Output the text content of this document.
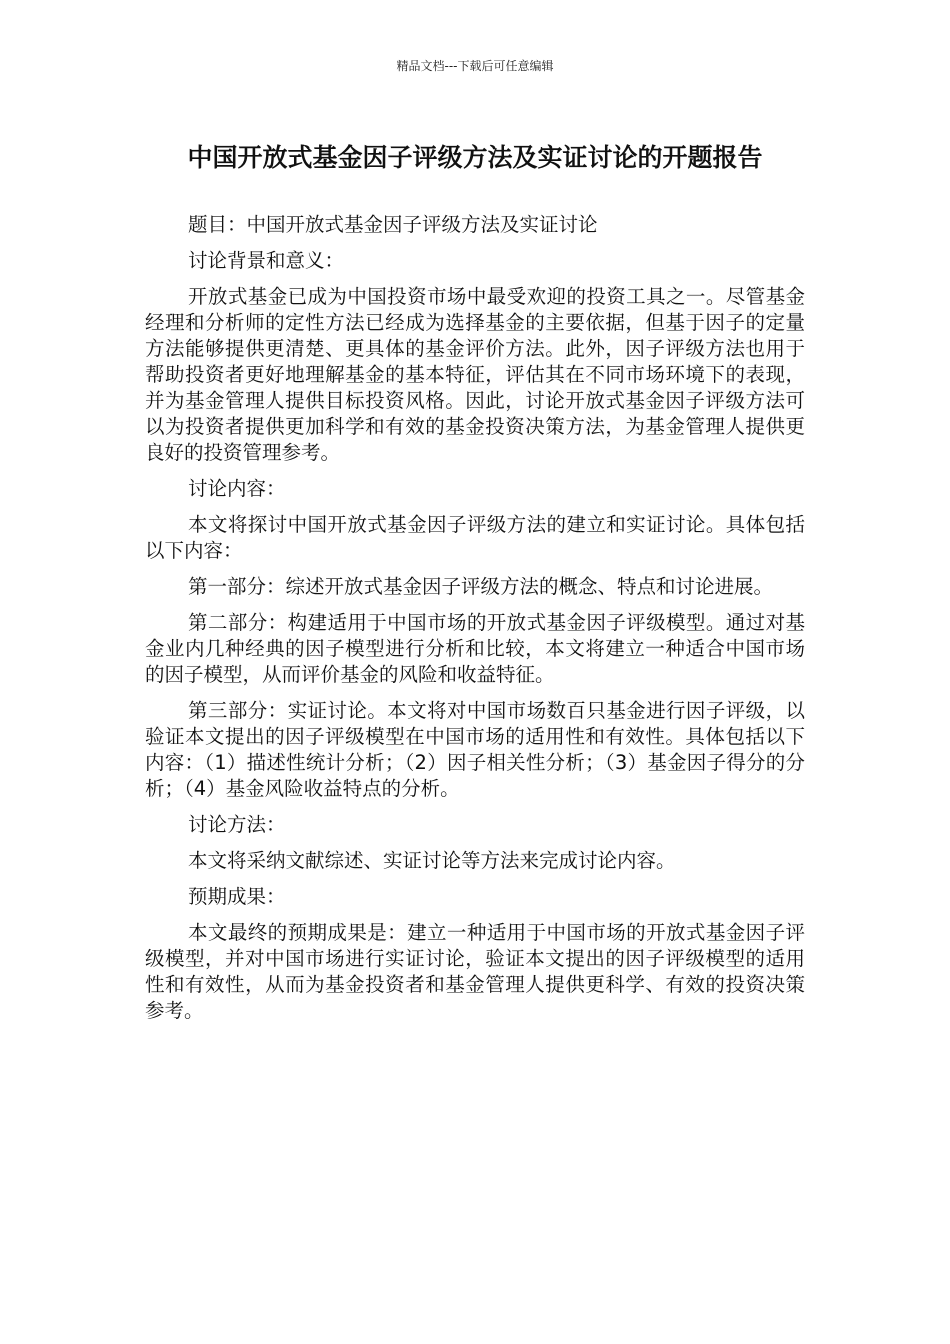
精品文档---下载后可任意编辑
中国开放式基金因子评级方法及实证讨论的开题报告

题目：中国开放式基金因子评级方法及实证讨论

讨论背景和意义：

开放式基金已成为中国投资市场中最受欢迎的投资工具之一。尽管基金经理和分析师的定性方法已经成为选择基金的主要依据，但基于因子的定量方法能够提供更清楚、更具体的基金评价方法。此外，因子评级方法也用于帮助投资者更好地理解基金的基本特征，评估其在不同市场环境下的表现，并为基金管理人提供目标投资风格。因此，讨论开放式基金因子评级方法可以为投资者提供更加科学和有效的基金投资决策方法，为基金管理人提供更良好的投资管理参考。

讨论内容：

本文将探讨中国开放式基金因子评级方法的建立和实证讨论。具体包括以下内容：

第一部分：综述开放式基金因子评级方法的概念、特点和讨论进展。

第二部分：构建适用于中国市场的开放式基金因子评级模型。通过对基金业内几种经典的因子模型进行分析和比较，本文将建立一种适合中国市场的因子模型，从而评价基金的风险和收益特征。

第三部分：实证讨论。本文将对中国市场数百只基金进行因子评级，以验证本文提出的因子评级模型在中国市场的适用性和有效性。具体包括以下内容：（1）描述性统计分析；（2）因子相关性分析；（3）基金因子得分的分析；（4）基金风险收益特点的分析。

讨论方法：

本文将采纳文献综述、实证讨论等方法来完成讨论内容。

预期成果：

本文最终的预期成果是：建立一种适用于中国市场的开放式基金因子评级模型，并对中国市场进行实证讨论，验证本文提出的因子评级模型的适用性和有效性，从而为基金投资者和基金管理人提供更科学、有效的投资决策参考。
